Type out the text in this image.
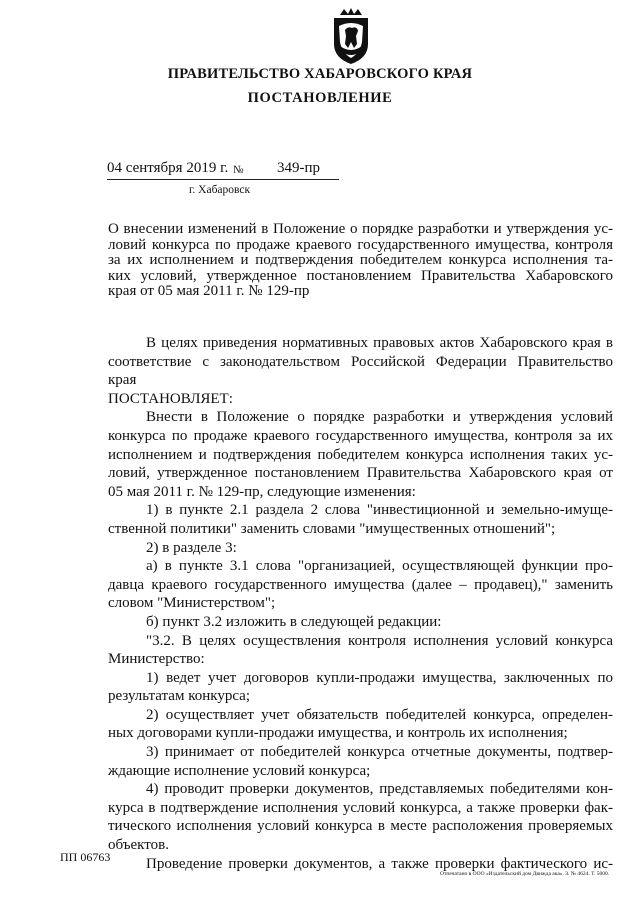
ПРАВИТЕЛЬСТВО ХАБАРОВСКОГО КРАЯ
ПОСТАНОВЛЕНИЕ
04 сентября 2019 г. № 349-пр
г. Хабаровск
О внесении изменений в Положение о порядке разработки и утверждения ус-
ловий конкурса по продаже краевого государственного имущества, контроля
за их исполнением и подтверждения победителем конкурса исполнения та-
ких условий, утвержденное постановлением Правительства Хабаровского
края от 05 мая 2011 г. № 129-пр
В целях приведения нормативных правовых актов Хабаровского края в
соответствие с законодательством Российской Федерации Правительство
края
ПОСТАНОВЛЯЕТ:
Внести в Положение о порядке разработки и утверждения условий
конкурса по продаже краевого государственного имущества, контроля за их
исполнением и подтверждения победителем конкурса исполнения таких ус-
ловий, утвержденное постановлением Правительства Хабаровского края от
05 мая 2011 г. № 129-пр, следующие изменения:
1) в пункте 2.1 раздела 2 слова "инвестиционной и земельно-имуще-
ственной политики" заменить словами "имущественных отношений";
2) в разделе 3:
а) в пункте 3.1 слова "организацией, осуществляющей функции про-
давца краевого государственного имущества (далее – продавец)," заменить
словом "Министерством";
б) пункт 3.2 изложить в следующей редакции:
"3.2. В целях осуществления контроля исполнения условий конкурса
Министерство:
1) ведет учет договоров купли-продажи имущества, заключенных по
результатам конкурса;
2) осуществляет учет обязательств победителей конкурса, определен-
ных договорами купли-продажи имущества, и контроль их исполнения;
3) принимает от победителей конкурса отчетные документы, подтвер-
ждающие исполнение условий конкурса;
4) проводит проверки документов, представляемых победителями кон-
курса в подтверждение исполнения условий конкурса, а также проверки фак-
тического исполнения условий конкурса в месте расположения проверяемых
объектов.
Проведение проверки документов, а также проверки фактического ис-
ПП 06763
Отпечатано в ООО «Издательский дом Движда ака». З. № 4624. Т. 5000.
